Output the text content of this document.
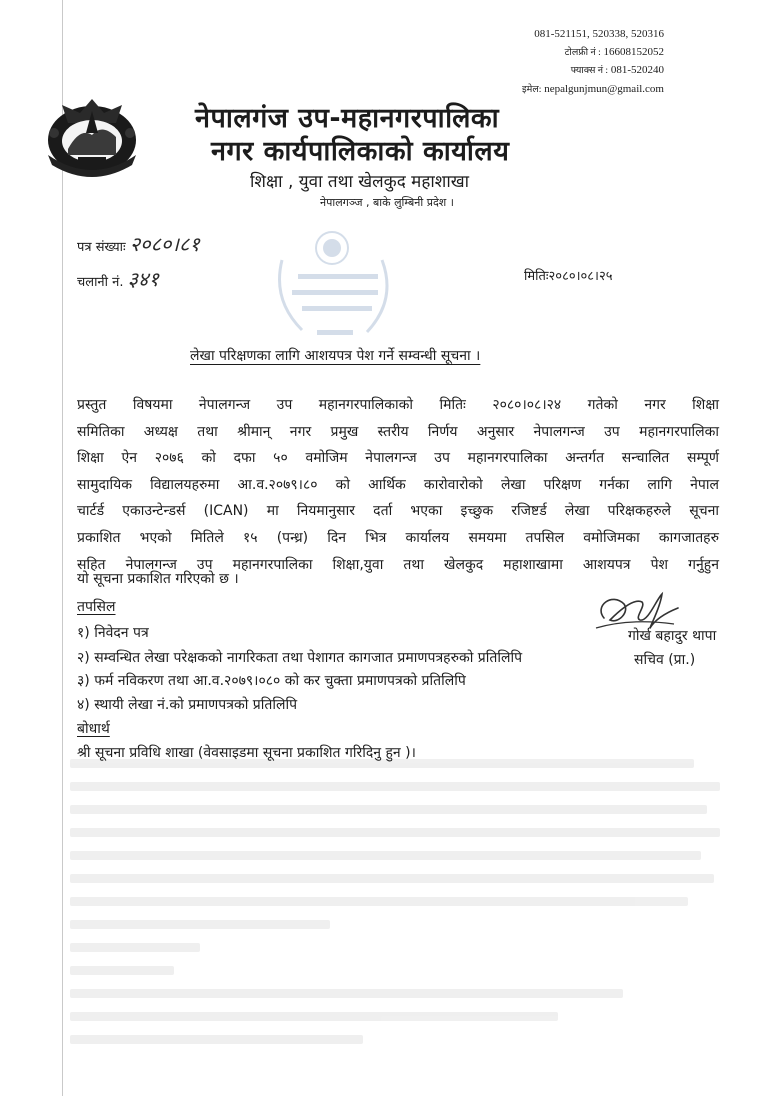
081-521151, 520338, 520316
टोलफ्री नं : 16608152052
फ्याक्स नं : 081-520240
इमेल: nepalgunjmun@gmail.com
नेपालगंज उप-महानगरपालिका
नगर कार्यपालिकाको कार्यालय
शिक्षा , युवा तथा खेलकुद महाशाखा
नेपालगञ्ज , बाके लुम्बिनी प्रदेश ।
पत्र संख्याः २०८०।८१
चलानी नं. ३४१	मितिः२०८०।०८।२५
लेखा परिक्षणका लागि आशयपत्र पेश गर्ने सम्वन्धी सूचना ।
प्रस्तुत विषयमा नेपालगन्ज उप महानगरपालिकाको मितिः २०८०।०८।२४ गतेको नगर शिक्षा
समितिका अध्यक्ष तथा श्रीमान् नगर प्रमुख स्तरीय निर्णय अनुसार नेपालगन्ज उप महानगरपालिका
शिक्षा ऐन २०७६ को दफा ५० वमोजिम नेपालगन्ज उप महानगरपालिका अन्तर्गत सन्चालित सम्पूर्ण
सामुदायिक विद्यालयहरुमा आ.व.२०७९।८० को आर्थिक कारोवारोको लेखा परिक्षण गर्नका लागि नेपाल
चार्टर्ड एकाउन्टेन्डर्स (ICAN) मा नियमानुसार दर्ता भएका इच्छुक रजिष्टर्ड लेखा परिक्षकहरुले सूचना
प्रकाशित भएको मितिले १५ (पन्ध्र) दिन भित्र कार्यालय समयमा तपसिल वमोजिमका कागजातहरु
सहित नेपालगन्ज उप महानगरपालिका शिक्षा,युवा तथा खेलकुद महाशाखामा आशयपत्र पेश गर्नुहुन
यो सूचना प्रकाशित गरिएको छ ।
तपसिल
१) निवेदन पत्र
२) सम्वन्धित लेखा परेक्षकको नागरिकता तथा पेशागत कागजात प्रमाणपत्रहरुको प्रतिलिपि
३) फर्म नविकरण तथा आ.व.२०७९।०८० को कर चुक्ता प्रमाणपत्रको प्रतिलिपि
४) स्थायी लेखा नं.को प्रमाणपत्रको प्रतिलिपि
बोधार्थ
श्री सूचना प्रविधि शाखा (वेवसाइडमा सूचना प्रकाशित गरिदिनु हुन )।
गोर्ख बहादुर थापा
सचिव (प्रा.)
